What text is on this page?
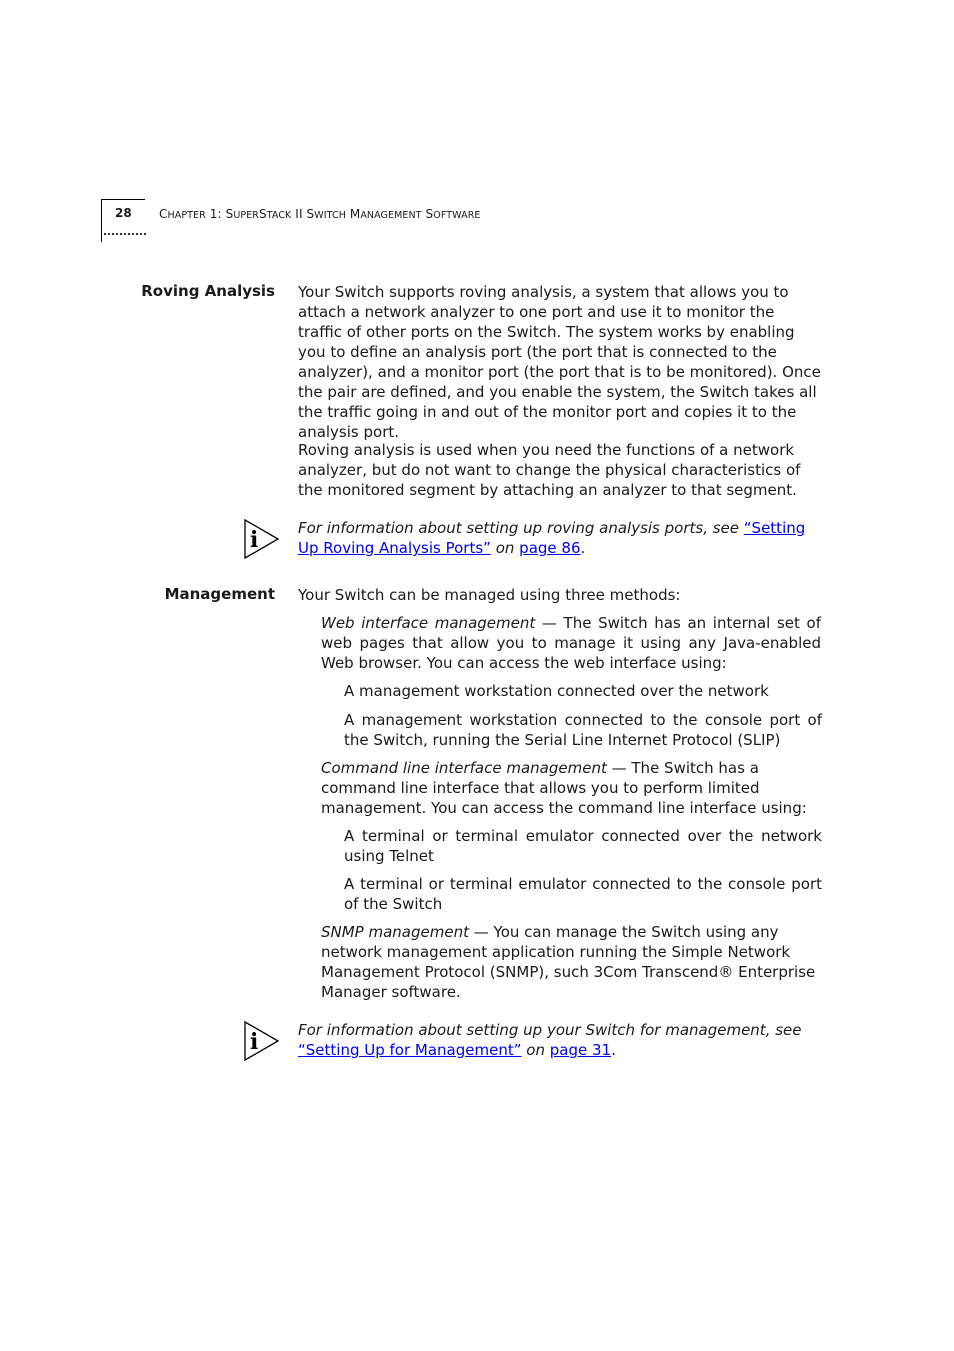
28 CHAPTER 1: SUPERSTACK II SWITCH MANAGEMENT SOFTWARE
Roving Analysis Your Switch supports roving analysis, a system that allows you to attach a network analyzer to one port and use it to monitor the traffic of other ports on the Switch. The system works by enabling you to define an analysis port (the port that is connected to the analyzer), and a monitor port (the port that is to be monitored). Once the pair are defined, and you enable the system, the Switch takes all the traffic going in and out of the monitor port and copies it to the analysis port.
Roving analysis is used when you need the functions of a network analyzer, but do not want to change the physical characteristics of the monitored segment by attaching an analyzer to that segment.
i	For information about setting up roving analysis ports, see “Setting Up Roving Analysis Ports” on page 86.
Management Your Switch can be managed using three methods:
Web interface management — The Switch has an internal set of web pages that allow you to manage it using any Java-enabled Web browser. You can access the web interface using:
A management workstation connected over the network
A management workstation connected to the console port of the Switch, running the Serial Line Internet Protocol (SLIP)
Command line interface management — The Switch has a command line interface that allows you to perform limited management. You can access the command line interface using:
A terminal or terminal emulator connected over the network using Telnet
A terminal or terminal emulator connected to the console port of the Switch
SNMP management — You can manage the Switch using any network management application running the Simple Network Management Protocol (SNMP), such 3Com Transcend® Enterprise Manager software.
i	For information about setting up your Switch for management, see “Setting Up for Management” on page 31.
